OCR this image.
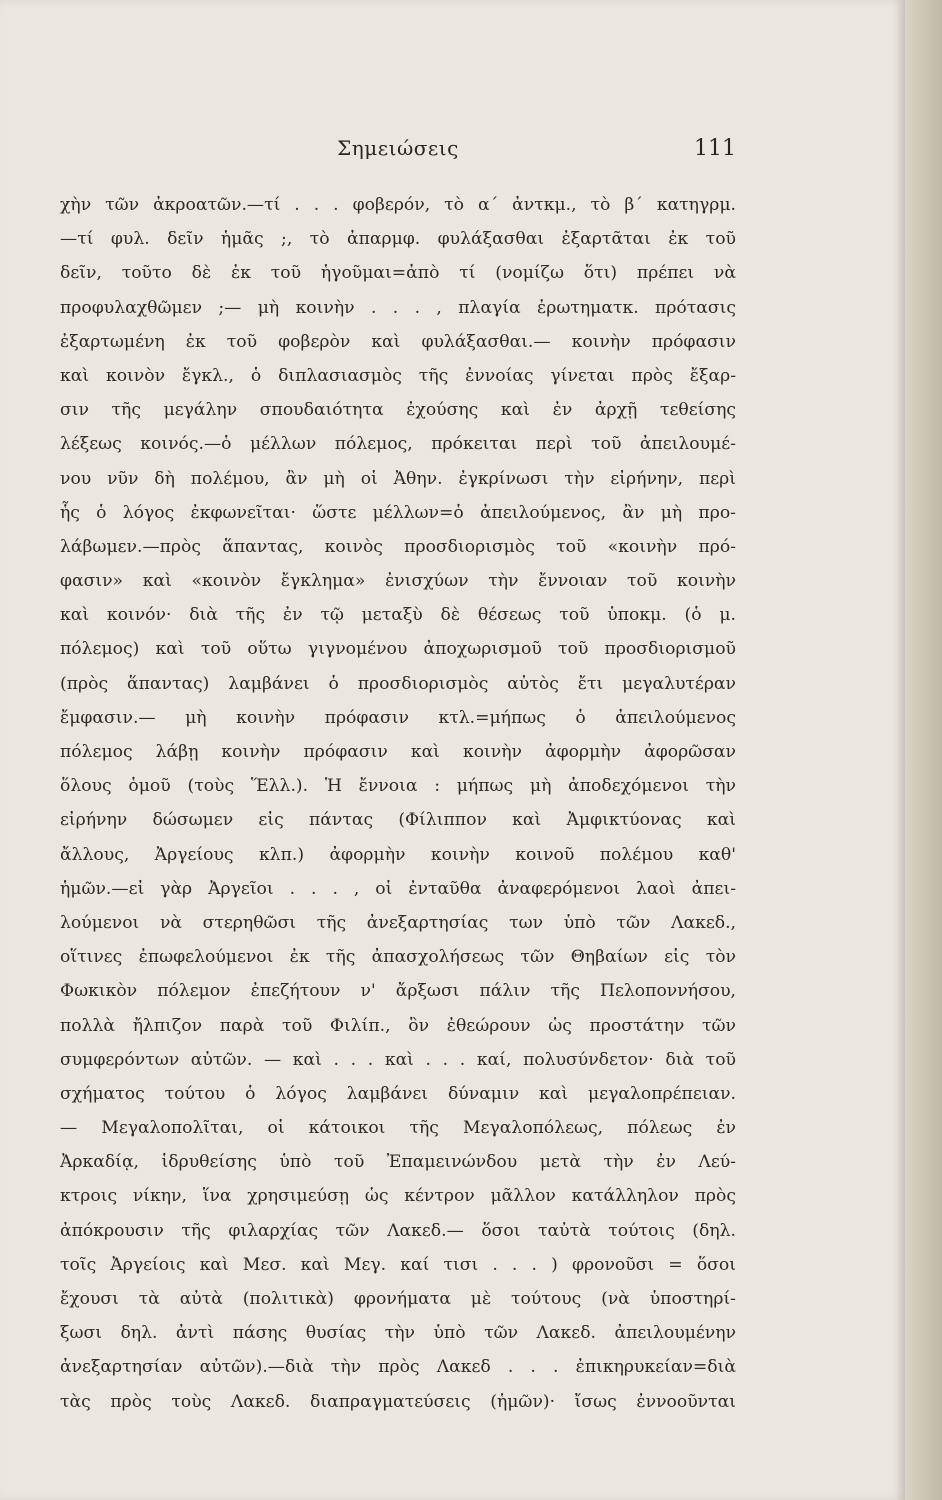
Σημειώσεις	111
χὴν τῶν ἀκροατῶν.—τί . . . φοβερόν, τὸ α΄ ἀντκμ., τὸ β΄ κατηγρμ.
—τί φυλ. δεῖν ἡμᾶς ;, τὸ ἀπαρμφ. φυλάξασθαι ἐξαρτᾶται ἐκ τοῦ
δεῖν, τοῦτο δὲ ἐκ τοῦ ἡγοῦμαι=ἀπὸ τί (νομίζω ὅτι) πρέπει νὰ
προφυλαχθῶμεν ;— μὴ κοινὴν . . . , πλαγία ἐρωτηματκ. πρότασις
ἐξαρτωμένη ἐκ τοῦ φοβερὸν καὶ φυλάξασθαι.— κοινὴν πρόφασιν
καὶ κοινὸν ἔγκλ., ὁ διπλασιασμὸς τῆς ἐννοίας γίνεται πρὸς ἔξαρ-
σιν τῆς μεγάλην σπουδαιότητα ἐχούσης καὶ ἐν ἀρχῇ τεθείσης
λέξεως κοινός.—ὁ μέλλων πόλεμος, πρόκειται περὶ τοῦ ἀπειλουμέ-
νου νῦν δὴ πολέμου, ἂν μὴ οἱ Ἀθην. ἐγκρίνωσι τὴν εἰρήνην, περὶ
ἧς ὁ λόγος ἐκφωνεῖται· ὥστε μέλλων=ὁ ἀπειλούμενος, ἂν μὴ προ-
λάβωμεν.—πρὸς ἅπαντας, κοινὸς προσδιορισμὸς τοῦ «κοινὴν πρό-
φασιν» καὶ «κοινὸν ἔγκλημα» ἐνισχύων τὴν ἔννοιαν τοῦ κοινὴν
καὶ κοινόν· διὰ τῆς ἐν τῷ μεταξὺ δὲ θέσεως τοῦ ὑποκμ. (ὁ μ.
πόλεμος) καὶ τοῦ οὕτω γιγνομένου ἀποχωρισμοῦ τοῦ προσδιορισμοῦ
(πρὸς ἅπαντας) λαμβάνει ὁ προσδιορισμὸς αὐτὸς ἔτι μεγαλυτέραν
ἔμφασιν.— μὴ κοινὴν πρόφασιν κτλ.=μήπως ὁ ἀπειλούμενος
πόλεμος λάβῃ κοινὴν πρόφασιν καὶ κοινὴν ἀφορμὴν ἀφορῶσαν
ὅλους ὁμοῦ (τοὺς Ἕλλ.). Ἡ ἔννοια : μήπως μὴ ἀποδεχόμενοι τὴν
εἰρήνην δώσωμεν εἰς πάντας (Φίλιππον καὶ Ἀμφικτύονας καὶ
ἄλλους, Ἀργείους κλπ.) ἀφορμὴν κοινὴν κοινοῦ πολέμου καθ'
ἡμῶν.—εἰ γὰρ Ἀργεῖοι . . . , οἱ ἐνταῦθα ἀναφερόμενοι λαοὶ ἀπει-
λούμενοι νὰ στερηθῶσι τῆς ἀνεξαρτησίας των ὑπὸ τῶν Λακεδ.,
οἵτινες ἐπωφελούμενοι ἐκ τῆς ἀπασχολήσεως τῶν Θηβαίων εἰς τὸν
Φωκικὸν πόλεμον ἐπεζήτουν ν' ἄρξωσι πάλιν τῆς Πελοποννήσου,
πολλὰ ἤλπιζον παρὰ τοῦ Φιλίπ., ὃν ἐθεώρουν ὡς προστάτην τῶν
συμφερόντων αὐτῶν. — καὶ . . . καὶ . . . καί, πολυσύνδετον· διὰ τοῦ
σχήματος τούτου ὁ λόγος λαμβάνει δύναμιν καὶ μεγαλοπρέπειαν.
— Μεγαλοπολῖται, οἱ κάτοικοι τῆς Μεγαλοπόλεως, πόλεως ἐν
Ἀρκαδίᾳ, ἱδρυθείσης ὑπὸ τοῦ Ἐπαμεινώνδου μετὰ τὴν ἐν Λεύ-
κτροις νίκην, ἵνα χρησιμεύσῃ ὡς κέντρον μᾶλλον κατάλληλον πρὸς
ἀπόκρουσιν τῆς φιλαρχίας τῶν Λακεδ.— ὅσοι ταὐτὰ τούτοις (δηλ.
τοῖς Ἀργείοις καὶ Μεσ. καὶ Μεγ. καί τισι . . . ) φρονοῦσι = ὅσοι
ἔχουσι τὰ αὐτὰ (πολιτικὰ) φρονήματα μὲ τούτους (νὰ ὑποστηρί-
ξωσι δηλ. ἀντὶ πάσης θυσίας τὴν ὑπὸ τῶν Λακεδ. ἀπειλουμένην
ἀνεξαρτησίαν αὐτῶν).—διὰ τὴν πρὸς Λακεδ . . . ἐπικηρυκείαν=διὰ
τὰς πρὸς τοὺς Λακεδ. διαπραγματεύσεις (ἡμῶν)· ἴσως ἐννοοῦνται
